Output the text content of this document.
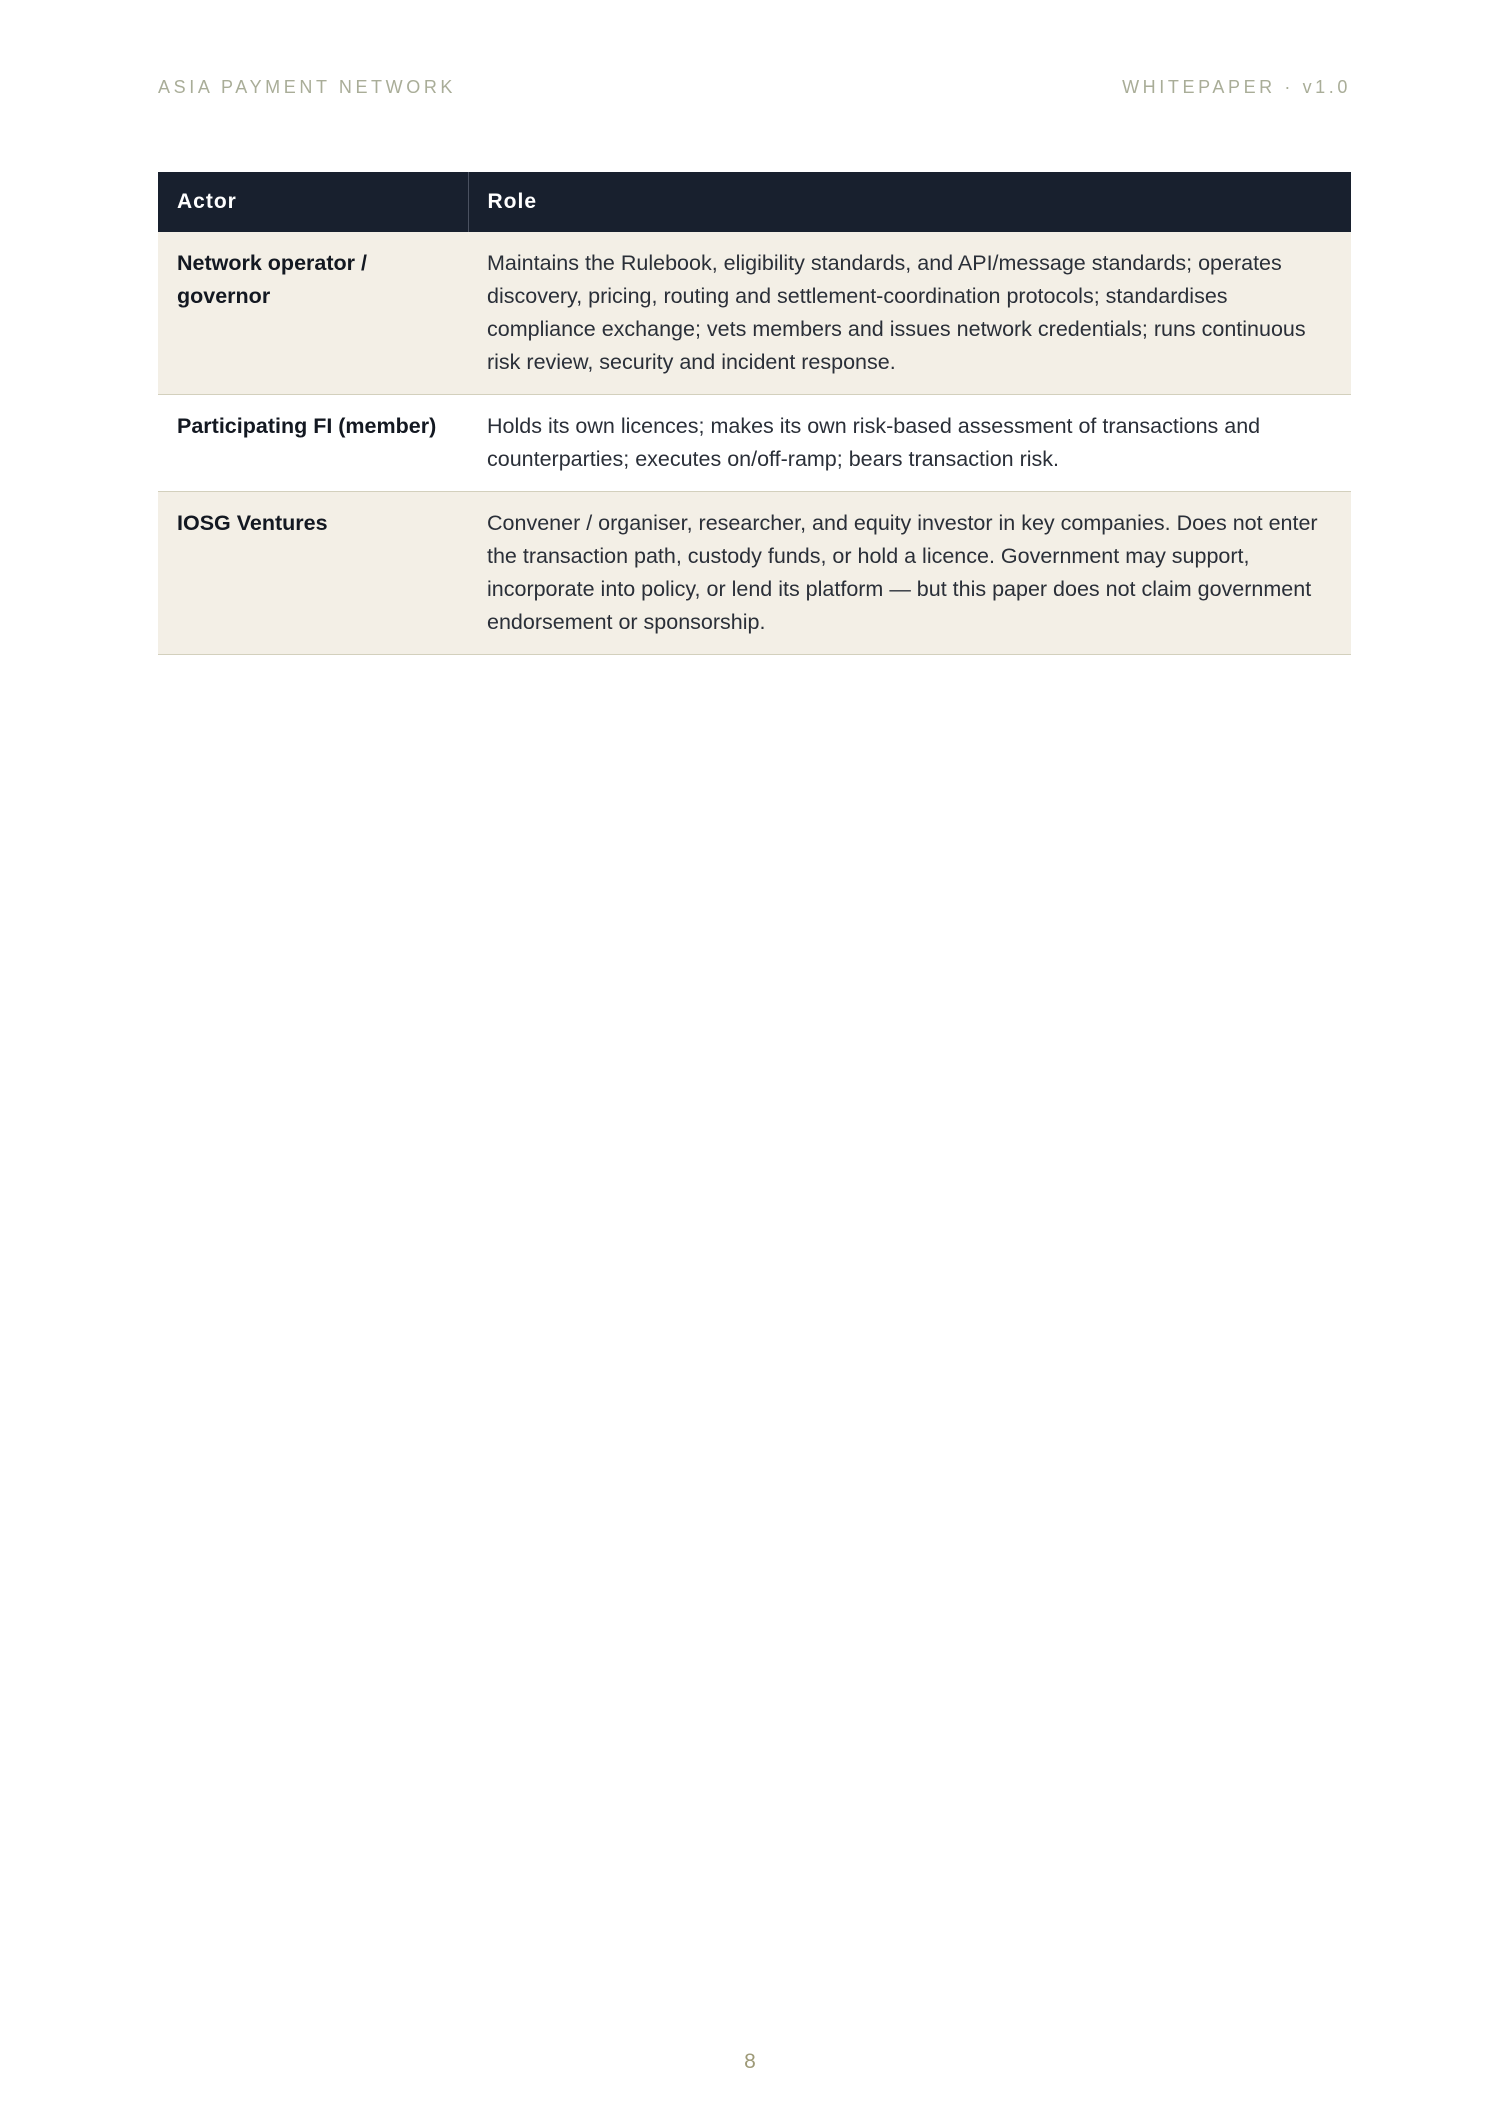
ASIA PAYMENT NETWORK	WHITEPAPER · v1.0
Actor	Role
Network operator / governor	Maintains the Rulebook, eligibility standards, and API/message standards; operates discovery, pricing, routing and settlement-coordination protocols; standardises compliance exchange; vets members and issues network credentials; runs continuous risk review, security and incident response.
Participating FI (member)	Holds its own licences; makes its own risk-based assessment of transactions and counterparties; executes on/off-ramp; bears transaction risk.
IOSG Ventures	Convener / organiser, researcher, and equity investor in key companies. Does not enter the transaction path, custody funds, or hold a licence. Government may support, incorporate into policy, or lend its platform — but this paper does not claim government endorsement or sponsorship.
8
